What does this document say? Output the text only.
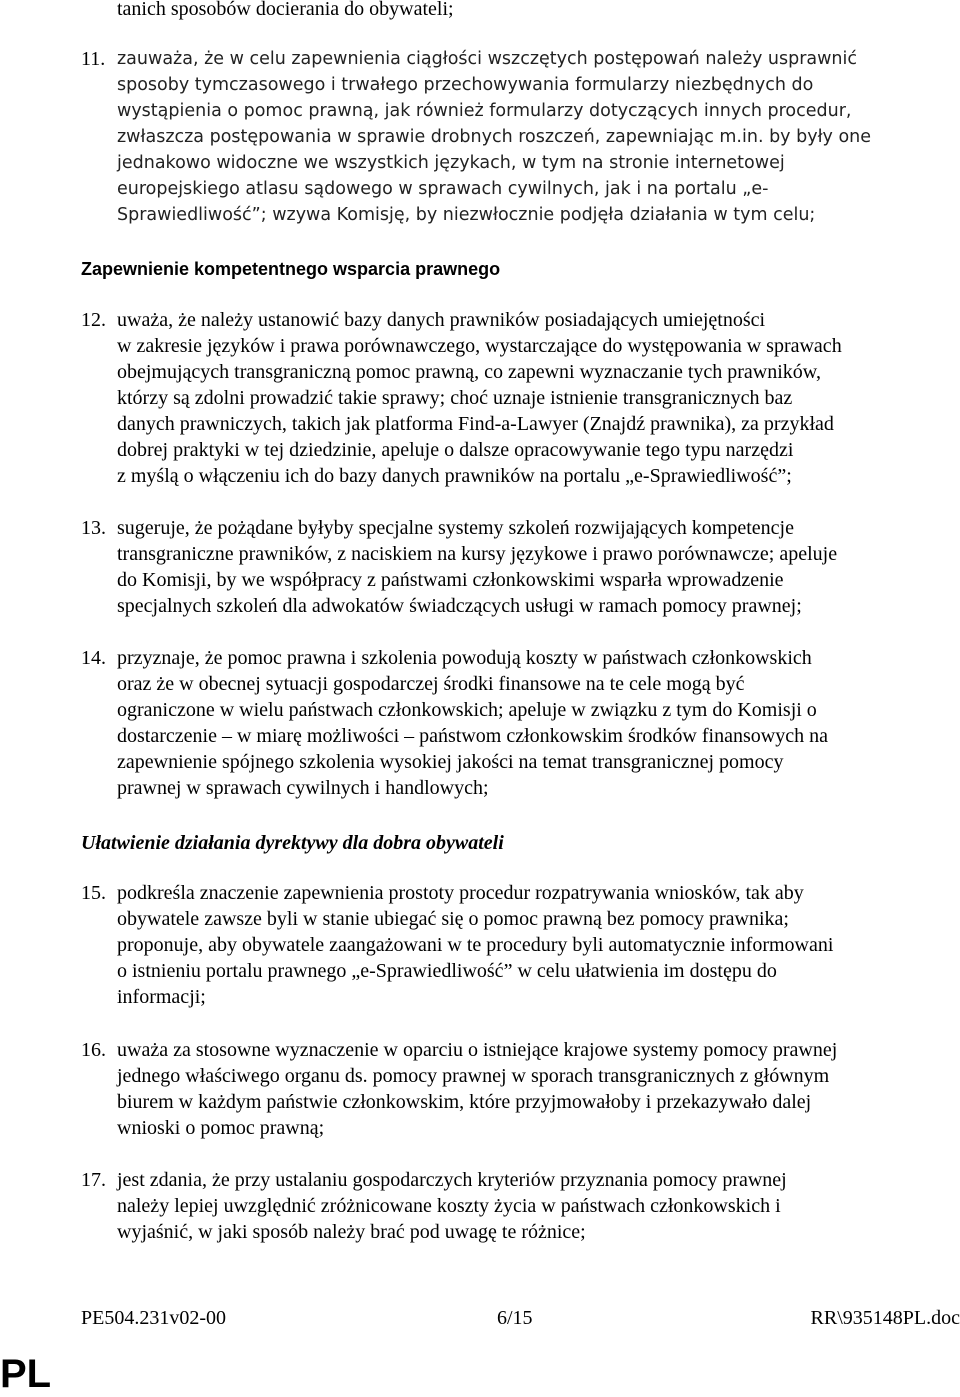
tanich sposobów docierania do obywateli;
11. zauważa, że w celu zapewnienia ciągłości wszczętych postępowań należy usprawnić
sposoby tymczasowego i trwałego przechowywania formularzy niezbędnych do
wystąpienia o pomoc prawną, jak również formularzy dotyczących innych procedur,
zwłaszcza postępowania w sprawie drobnych roszczeń, zapewniając m.in. by były one
jednakowo widoczne we wszystkich językach, w tym na stronie internetowej
europejskiego atlasu sądowego w sprawach cywilnych, jak i na portalu „e-
Sprawiedliwość”; wzywa Komisję, by niezwłocznie podjęła działania w tym celu;
Zapewnienie kompetentnego wsparcia prawnego
12. uważa, że należy ustanowić bazy danych prawników posiadających umiejętności
w zakresie języków i prawa porównawczego, wystarczające do występowania w sprawach
obejmujących transgraniczną pomoc prawną, co zapewni wyznaczanie tych prawników,
którzy są zdolni prowadzić takie sprawy; choć uznaje istnienie transgranicznych baz
danych prawniczych, takich jak platforma Find-a-Lawyer (Znajdź prawnika), za przykład
dobrej praktyki w tej dziedzinie, apeluje o dalsze opracowywanie tego typu narzędzi
z myślą o włączeniu ich do bazy danych prawników na portalu „e-Sprawiedliwość”;
13. sugeruje, że pożądane byłyby specjalne systemy szkoleń rozwijających kompetencje
transgraniczne prawników, z naciskiem na kursy językowe i prawo porównawcze; apeluje
do Komisji, by we współpracy z państwami członkowskimi wsparła wprowadzenie
specjalnych szkoleń dla adwokatów świadczących usługi w ramach pomocy prawnej;
14. przyznaje, że pomoc prawna i szkolenia powodują koszty w państwach członkowskich
oraz że w obecnej sytuacji gospodarczej środki finansowe na te cele mogą być
ograniczone w wielu państwach członkowskich; apeluje w związku z tym do Komisji o
dostarczenie – w miarę możliwości – państwom członkowskim środków finansowych na
zapewnienie spójnego szkolenia wysokiej jakości na temat transgranicznej pomocy
prawnej w sprawach cywilnych i handlowych;
Ułatwienie działania dyrektywy dla dobra obywateli
15. podkreśla znaczenie zapewnienia prostoty procedur rozpatrywania wniosków, tak aby
obywatele zawsze byli w stanie ubiegać się o pomoc prawną bez pomocy prawnika;
proponuje, aby obywatele zaangażowani w te procedury byli automatycznie informowani
o istnieniu portalu prawnego „e-Sprawiedliwość” w celu ułatwienia im dostępu do
informacji;
16. uważa za stosowne wyznaczenie w oparciu o istniejące krajowe systemy pomocy prawnej
jednego właściwego organu ds. pomocy prawnej w sporach transgranicznych z głównym
biurem w każdym państwie członkowskim, które przyjmowałoby i przekazywało dalej
wnioski o pomoc prawną;
17. jest zdania, że przy ustalaniu gospodarczych kryteriów przyznania pomocy prawnej
należy lepiej uwzględnić zróżnicowane koszty życia w państwach członkowskich i
wyjaśnić, w jaki sposób należy brać pod uwagę te różnice;
PE504.231v02-00	6/15	RR\935148PL.doc
PL
